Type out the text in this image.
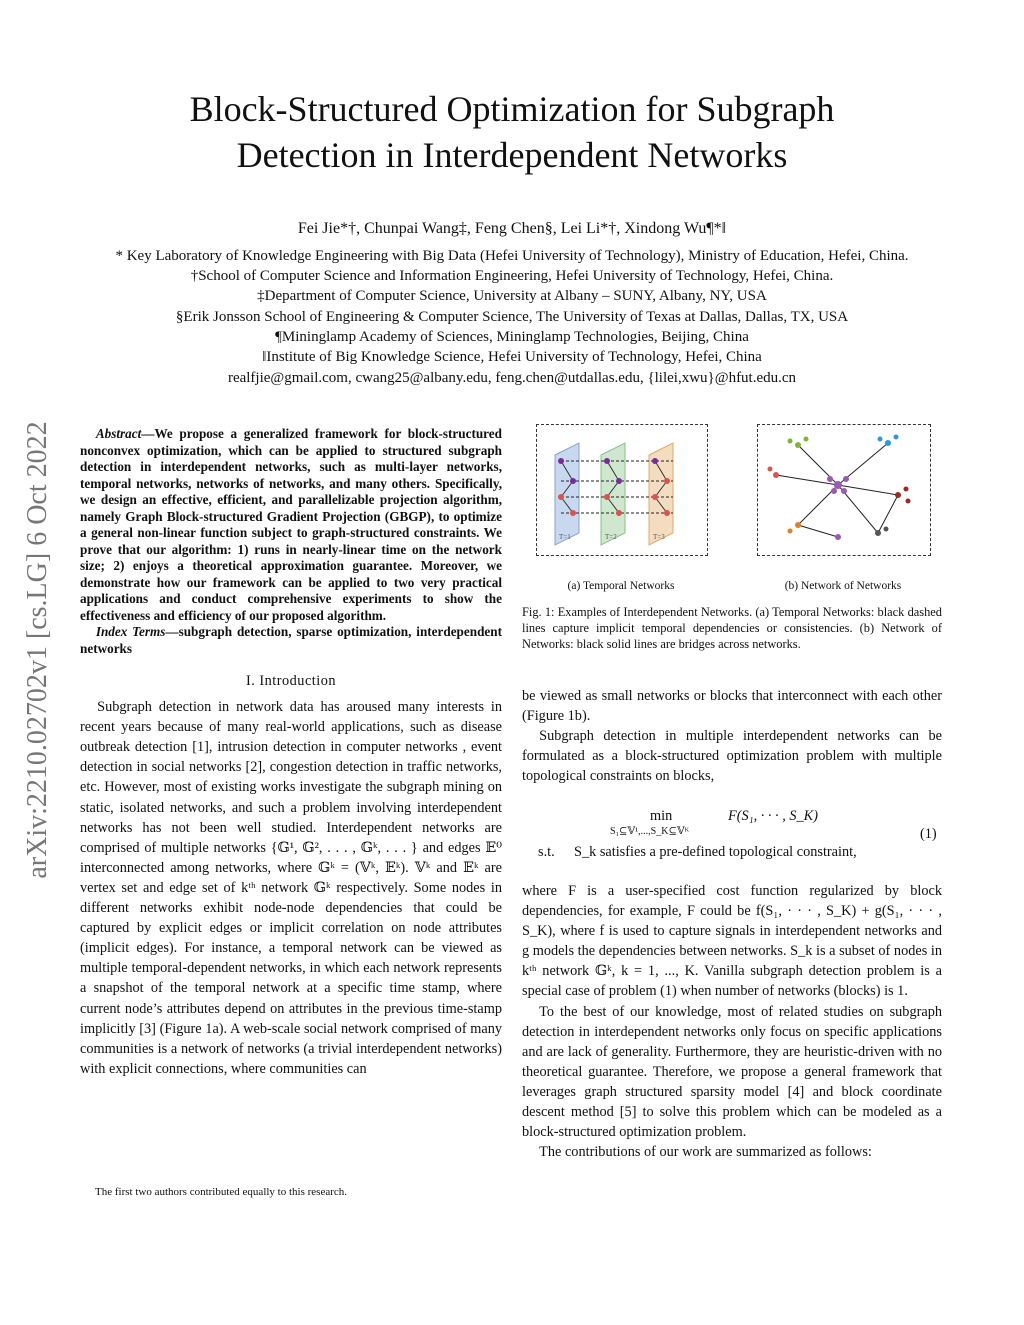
Block-Structured Optimization for Subgraph
Detection in Interdependent Networks
Fei Jie*†, Chunpai Wang‡, Feng Chen§, Lei Li*†, Xindong Wu¶*‖
* Key Laboratory of Knowledge Engineering with Big Data (Hefei University of Technology), Ministry of Education, Hefei, China.
†School of Computer Science and Information Engineering, Hefei University of Technology, Hefei, China.
‡Department of Computer Science, University at Albany – SUNY, Albany, NY, USA
§Erik Jonsson School of Engineering & Computer Science, The University of Texas at Dallas, Dallas, TX, USA
¶Mininglamp Academy of Sciences, Mininglamp Technologies, Beijing, China
‖Institute of Big Knowledge Science, Hefei University of Technology, Hefei, China
realfjie@gmail.com, cwang25@albany.edu, feng.chen@utdallas.edu, {lilei,xwu}@hfut.edu.cn
arXiv:2210.02702v1 [cs.LG] 6 Oct 2022	Abstract—We propose a generalized framework for block-structured nonconvex optimization, which can be applied to structured subgraph detection in interdependent networks, such as multi-layer networks, temporal networks, networks of networks, and many others. Specifically, we design an effective, efficient, and parallelizable projection algorithm, namely Graph Block-structured Gradient Projection (GBGP), to optimize a general non-linear function subject to graph-structured constraints. We prove that our algorithm: 1) runs in nearly-linear time on the network size; 2) enjoys a theoretical approximation guarantee. Moreover, we demonstrate how our framework can be applied to two very practical applications and conduct comprehensive experiments to show the effectiveness and efficiency of our proposed algorithm.

Index Terms—subgraph detection, sparse optimization, interdependent networks

I. Introduction

Subgraph detection in network data has aroused many interests in recent years because of many real-world applications, such as disease outbreak detection [1], intrusion detection in computer networks , event detection in social networks [2], congestion detection in traffic networks, etc. However, most of existing works investigate the subgraph mining on static, isolated networks, and such a problem involving interdependent networks has not been well studied. Interdependent networks are comprised of multiple networks {𝔾¹, 𝔾², . . . , 𝔾ᵏ, . . . } and edges 𝔼⁰ interconnected among networks, where 𝔾ᵏ = (𝕍ᵏ, 𝔼ᵏ). 𝕍ᵏ and 𝔼ᵏ are vertex set and edge set of kᵗʰ network 𝔾ᵏ respectively. Some nodes in different networks exhibit node-node dependencies that could be captured by explicit edges or implicit correlation on node attributes (implicit edges). For instance, a temporal network can be viewed as multiple temporal-dependent networks, in which each network represents a snapshot of the temporal network at a specific time stamp, where current node’s attributes depend on attributes in the previous time-stamp implicitly [3] (Figure 1a). A web-scale social network comprised of many communities is a network of networks (a trivial interdependent networks) with explicit connections, where communities can

The first two authors contributed equally to this research.
T=1	T=2	T=3
(a) Temporal Networks	(b) Network of Networks
Fig. 1: Examples of Interdependent Networks. (a) Temporal Networks: black dashed lines capture implicit temporal dependencies or consistencies. (b) Network of Networks: black solid lines are bridges across networks.

be viewed as small networks or blocks that interconnect with each other (Figure 1b).

Subgraph detection in multiple interdependent networks can be formulated as a block-structured optimization problem with multiple topological constraints on blocks,

min
S₁⊆𝕍¹,...,S_K⊆𝕍ᴷ
F(S₁, · · · , S_K)
s.t. S_k satisfies a pre-defined topological constraint,
(1)

where F is a user-specified cost function regularized by block dependencies, for example, F could be f(S₁, · · · , S_K) + g(S₁, · · · , S_K), where f is used to capture signals in interdependent networks and g models the dependencies between networks. S_k is a subset of nodes in kᵗʰ network 𝔾ᵏ, k = 1, ..., K. Vanilla subgraph detection problem is a special case of problem (1) when number of networks (blocks) is 1.

To the best of our knowledge, most of related studies on subgraph detection in interdependent networks only focus on specific applications and are lack of generality. Furthermore, they are heuristic-driven with no theoretical guarantee. Therefore, we propose a general framework that leverages graph structured sparsity model [4] and block coordinate descent method [5] to solve this problem which can be modeled as a block-structured optimization problem.

The contributions of our work are summarized as follows:
